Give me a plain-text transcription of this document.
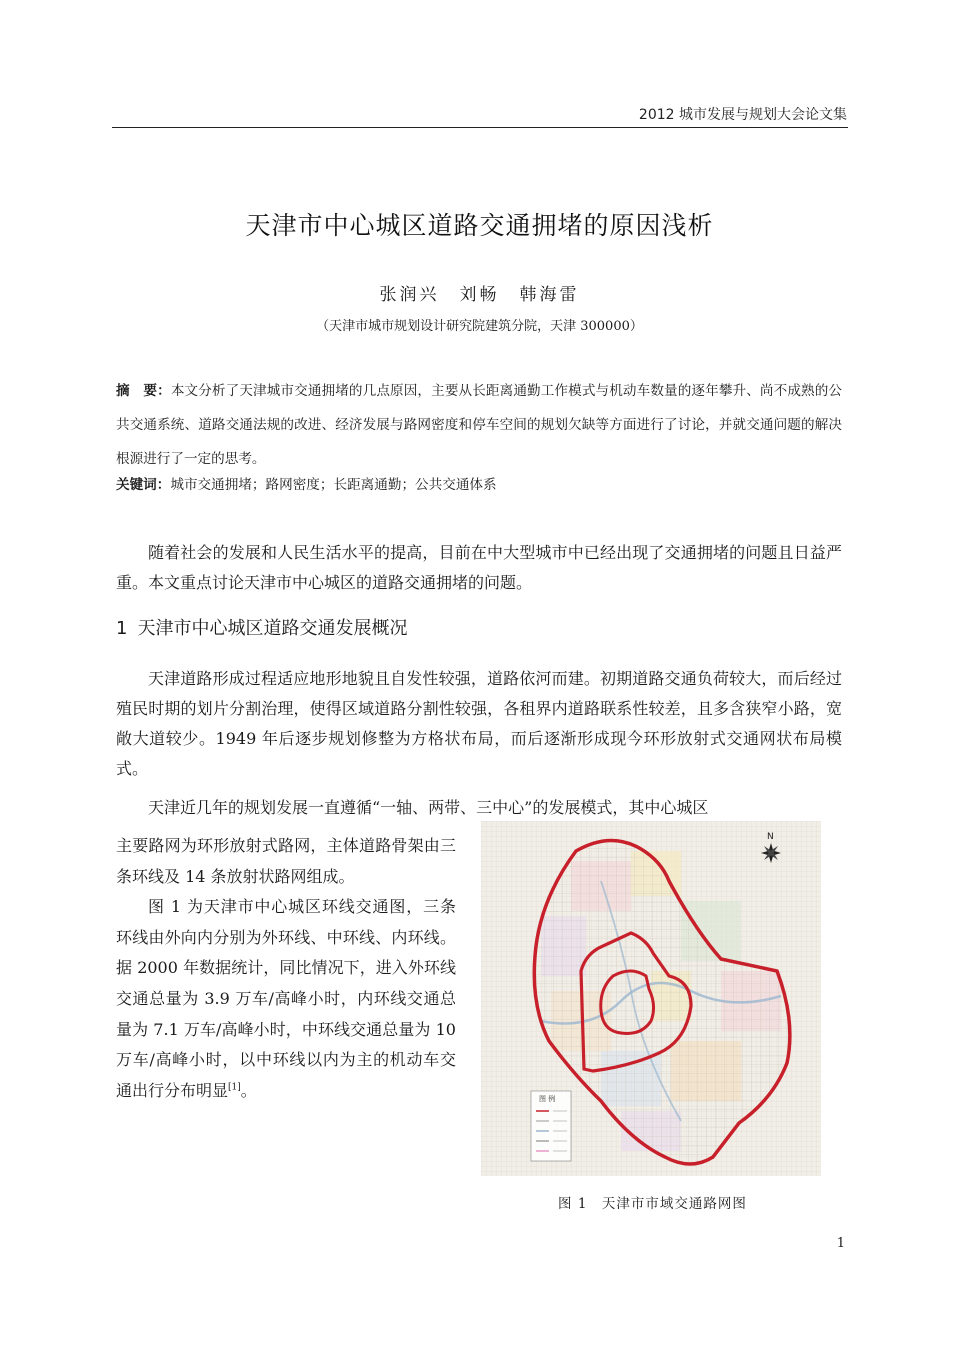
2012 城市发展与规划大会论文集
天津市中心城区道路交通拥堵的原因浅析
张润兴　刘畅　韩海雷
（天津市城市规划设计研究院建筑分院，天津 300000）
摘　要：本文分析了天津城市交通拥堵的几点原因，主要从长距离通勤工作模式与机动车数量的逐年攀升、尚不成熟的公共交通系统、道路交通法规的改进、经济发展与路网密度和停车空间的规划欠缺等方面进行了讨论，并就交通问题的解决根源进行了一定的思考。
关键词：城市交通拥堵；路网密度；长距离通勤；公共交通体系

随着社会的发展和人民生活水平的提高，目前在中大型城市中已经出现了交通拥堵的问题且日益严重。本文重点讨论天津市中心城区的道路交通拥堵的问题。

1 天津市中心城区道路交通发展概况

天津道路形成过程适应地形地貌且自发性较强，道路依河而建。初期道路交通负荷较大，而后经过殖民时期的划片分割治理，使得区域道路分割性较强，各租界内道路联系性较差，且多含狭窄小路，宽敞大道较少。1949 年后逐步规划修整为方格状布局，而后逐渐形成现今环形放射式交通网状布局模式。

天津近几年的规划发展一直遵循“一轴、两带、三中心”的发展模式，其中心城区

主要路网为环形放射式路网，主体道路骨架由三条环线及 14 条放射状路网组成。

图 1 为天津市中心城区环线交通图，三条环线由外向内分别为外环线、中环线、内环线。据 2000 年数据统计，同比情况下，进入外环线交通总量为 3.9 万车/高峰小时，内环线交通总量为 7.1 万车/高峰小时，中环线交通总量为 10 万车/高峰小时，以中环线以内为主的机动车交通出行分布明显[1]。

N
图 例
图 1　天津市市域交通路网图
1
